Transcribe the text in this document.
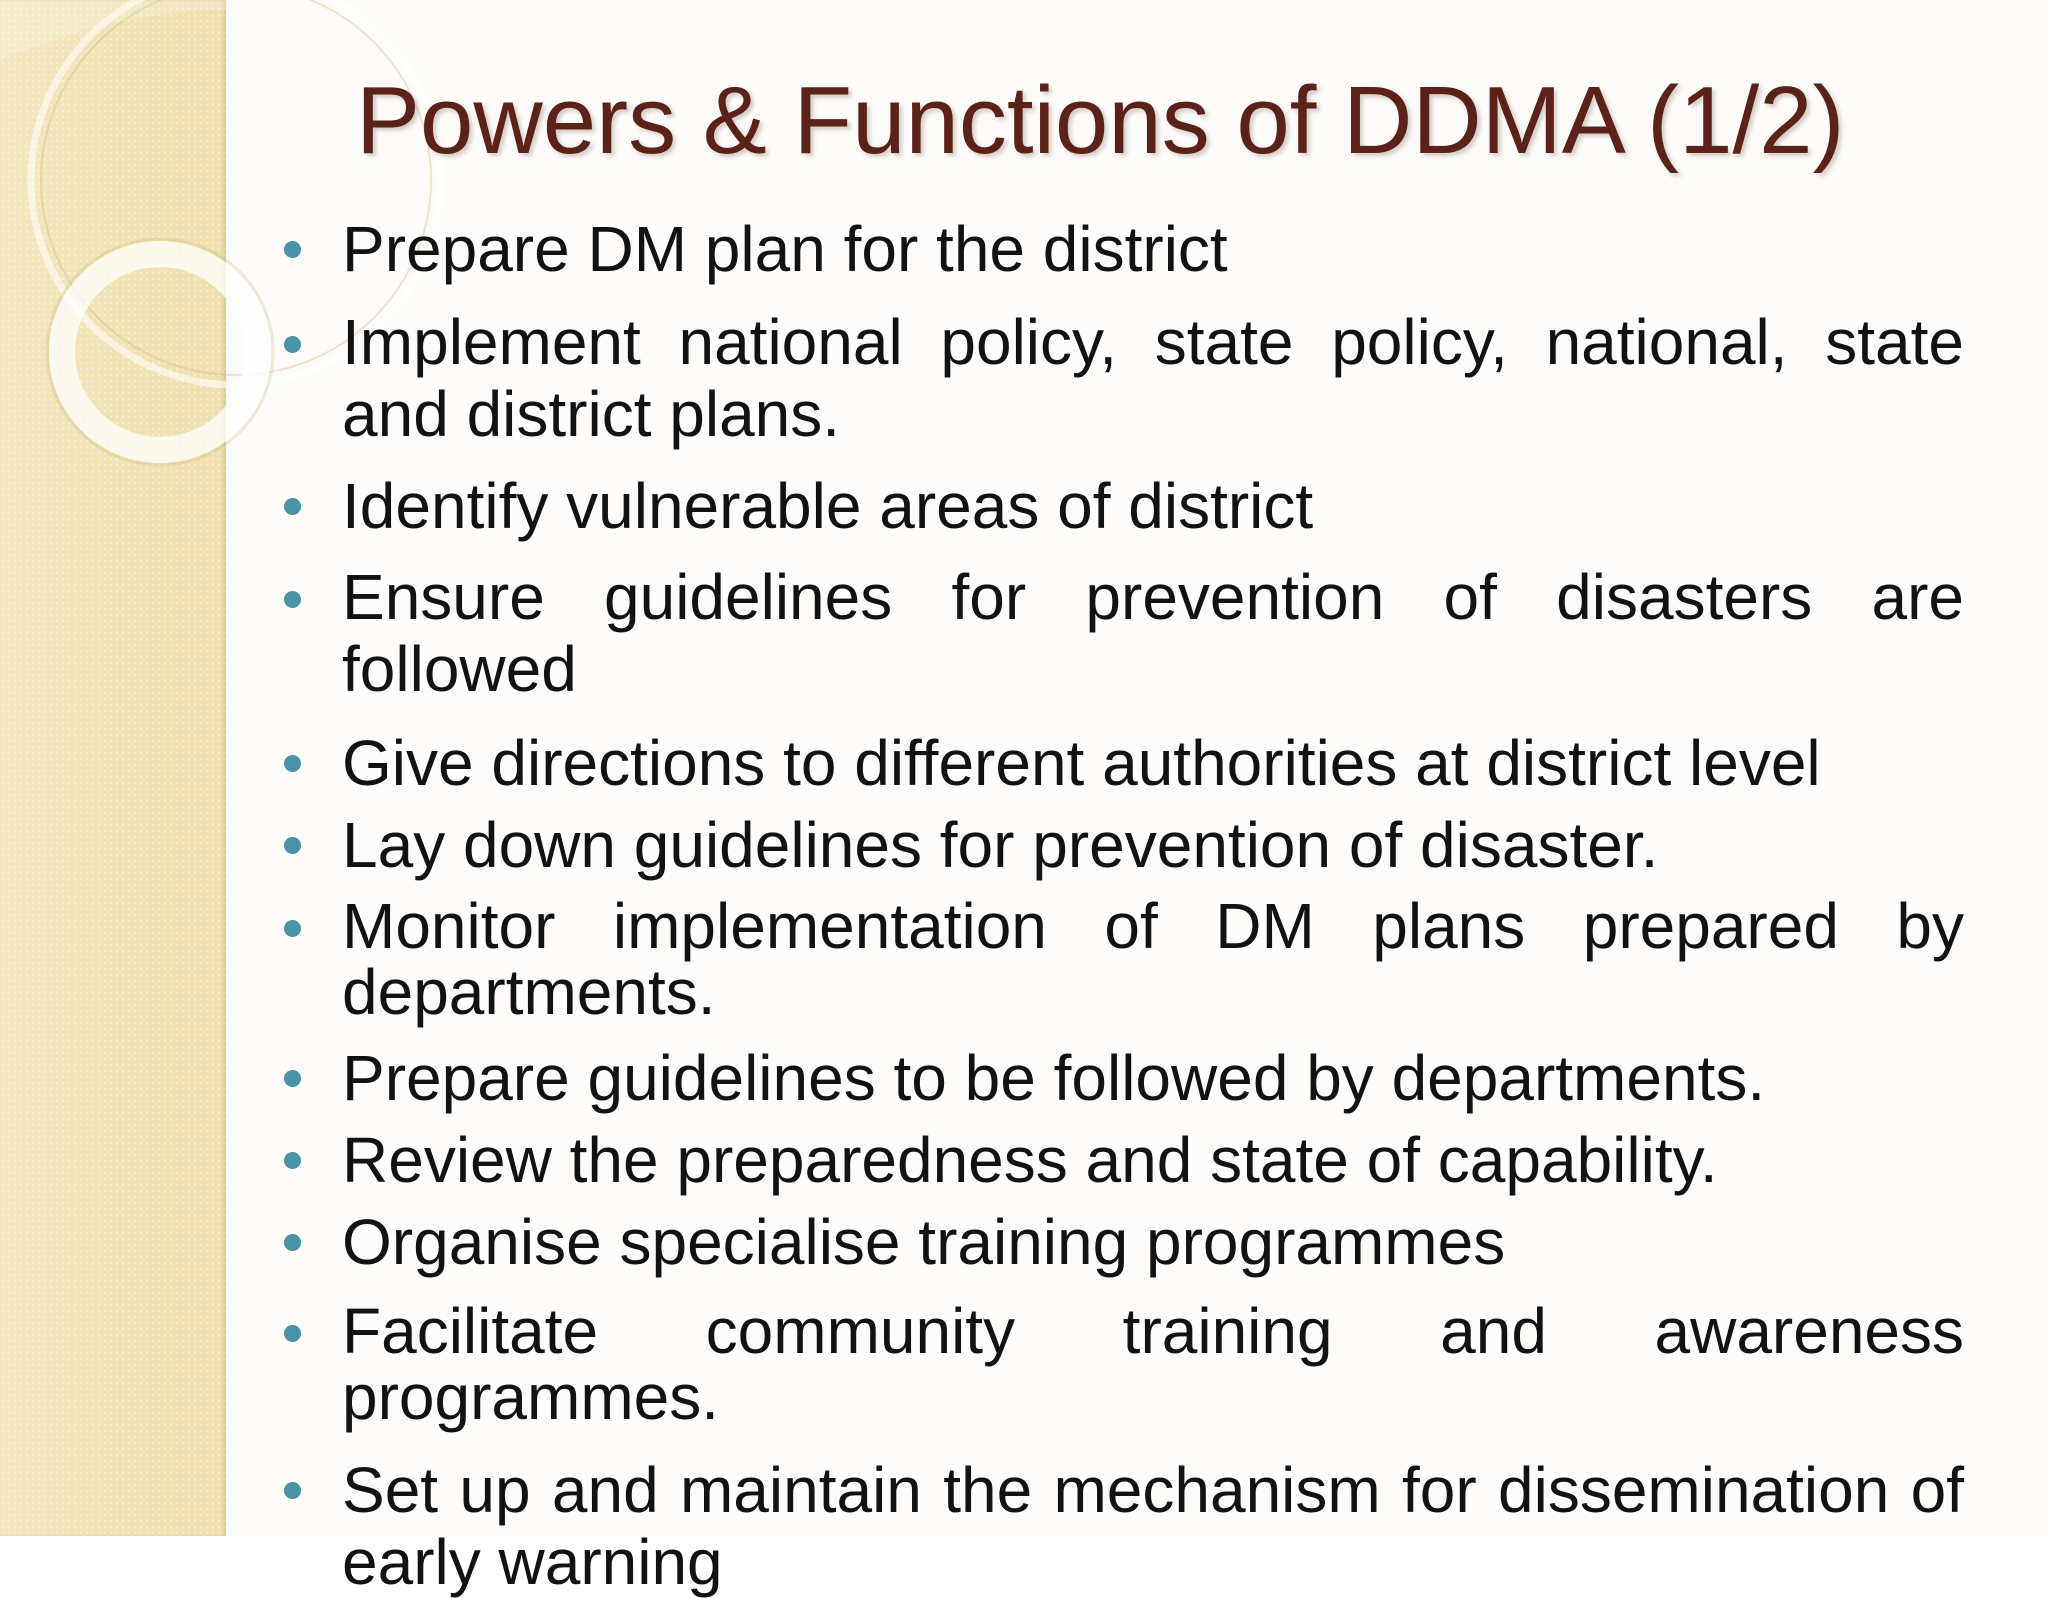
Powers & Functions of DDMA (1/2)
Prepare DM plan for the district
Implement national policy, state policy, national, state and district plans.
Identify vulnerable areas of district
Ensure guidelines for prevention of disasters are followed
Give directions to different authorities at district level
Lay down guidelines for prevention of disaster.
Monitor implementation of DM plans prepared by departments.
Prepare guidelines to be followed by departments.
Review the preparedness and state of capability.
Organise specialise training programmes
Facilitate community training and awareness programmes.
Set up and maintain the mechanism for dissemination of early warning
